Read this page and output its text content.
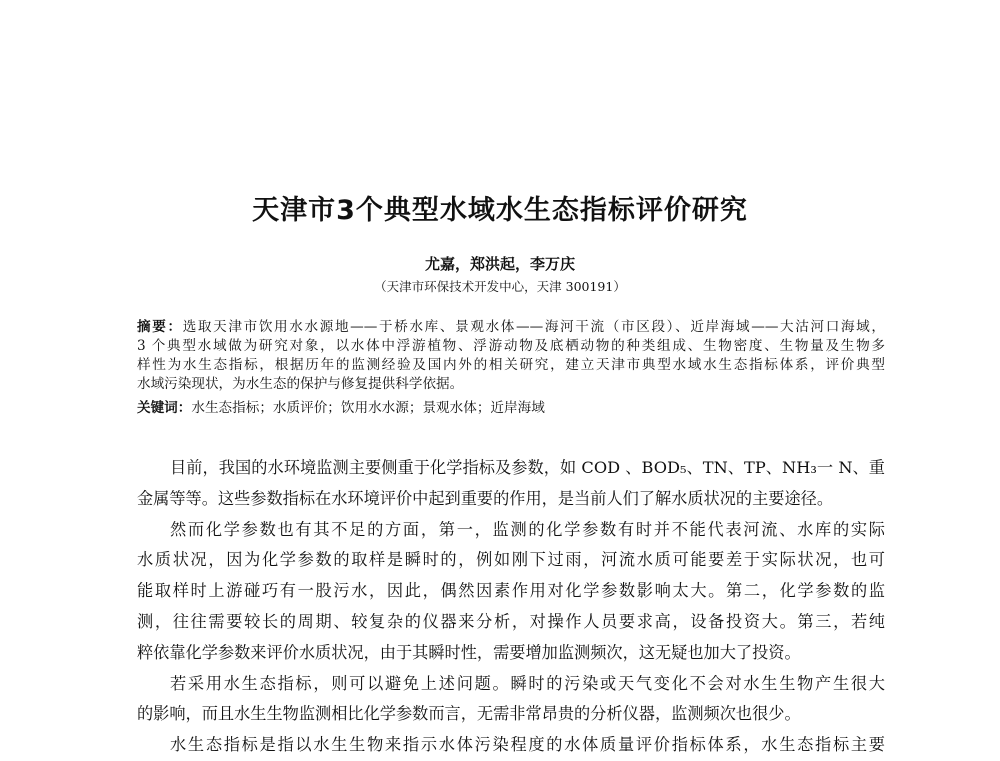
天津市3个典型水域水生态指标评价研究
尤嘉，郑洪起，李万庆
（天津市环保技术开发中心，天津 300191）
摘要：选取天津市饮用水水源地——于桥水库、景观水体——海河干流（市区段）、近岸海域——大沽河口海域，
3 个典型水域做为研究对象，以水体中浮游植物、浮游动物及底栖动物的种类组成、生物密度、生物量及生物多
样性为水生态指标，根据历年的监测经验及国内外的相关研究，建立天津市典型水域水生态指标体系，评价典型
水域污染现状，为水生态的保护与修复提供科学依据。
关键词：水生态指标；水质评价；饮用水水源；景观水体；近岸海域
目前，我国的水环境监测主要侧重于化学指标及参数，如 COD 、BOD₅、TN、TP、NH₃一 N、重
金属等等。这些参数指标在水环境评价中起到重要的作用，是当前人们了解水质状况的主要途径。
然而化学参数也有其不足的方面，第一，监测的化学参数有时并不能代表河流、水库的实际
水质状况，因为化学参数的取样是瞬时的，例如刚下过雨，河流水质可能要差于实际状况，也可
能取样时上游碰巧有一股污水，因此，偶然因素作用对化学参数影响太大。第二，化学参数的监
测，往往需要较长的周期、较复杂的仪器来分析，对操作人员要求高，设备投资大。第三，若纯
粹依靠化学参数来评价水质状况，由于其瞬时性，需要增加监测频次，这无疑也加大了投资。
若采用水生态指标，则可以避免上述问题。瞬时的污染或天气变化不会对水生生物产生很大
的影响，而且水生生物监测相比化学参数而言，无需非常昂贵的分析仪器，监测频次也很少。
水生态指标是指以水生生物来指示水体污染程度的水体质量评价指标体系，水生态指标主要
